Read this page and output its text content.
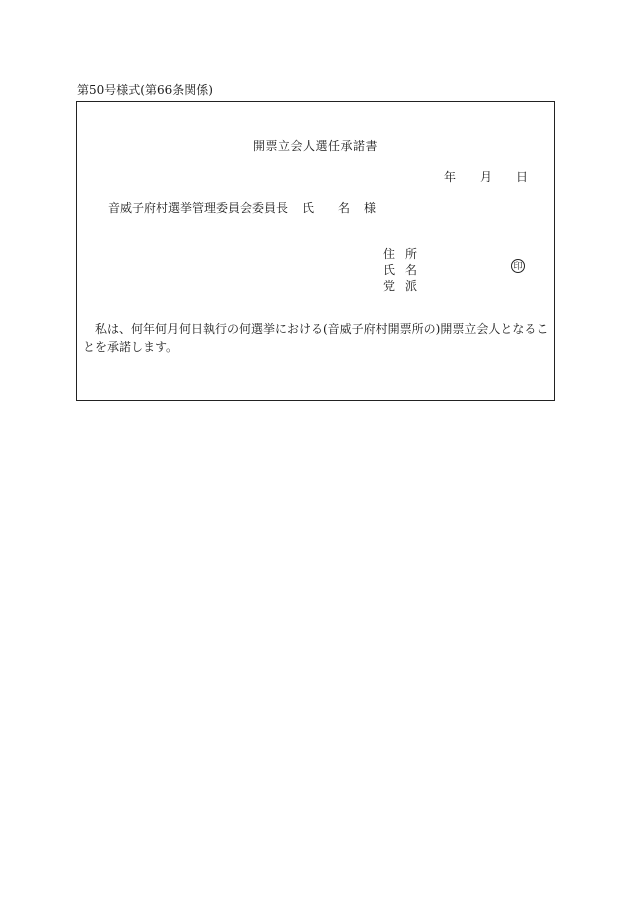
第50号様式(第66条関係)
開票立会人選任承諾書
年 月 日
音威子府村選挙管理委員会委員長 氏 名 様
住 所
氏 名
党 派
印
私は、何年何月何日執行の何選挙における(音威子府村開票所の)開票立会人となることを承諾します。
